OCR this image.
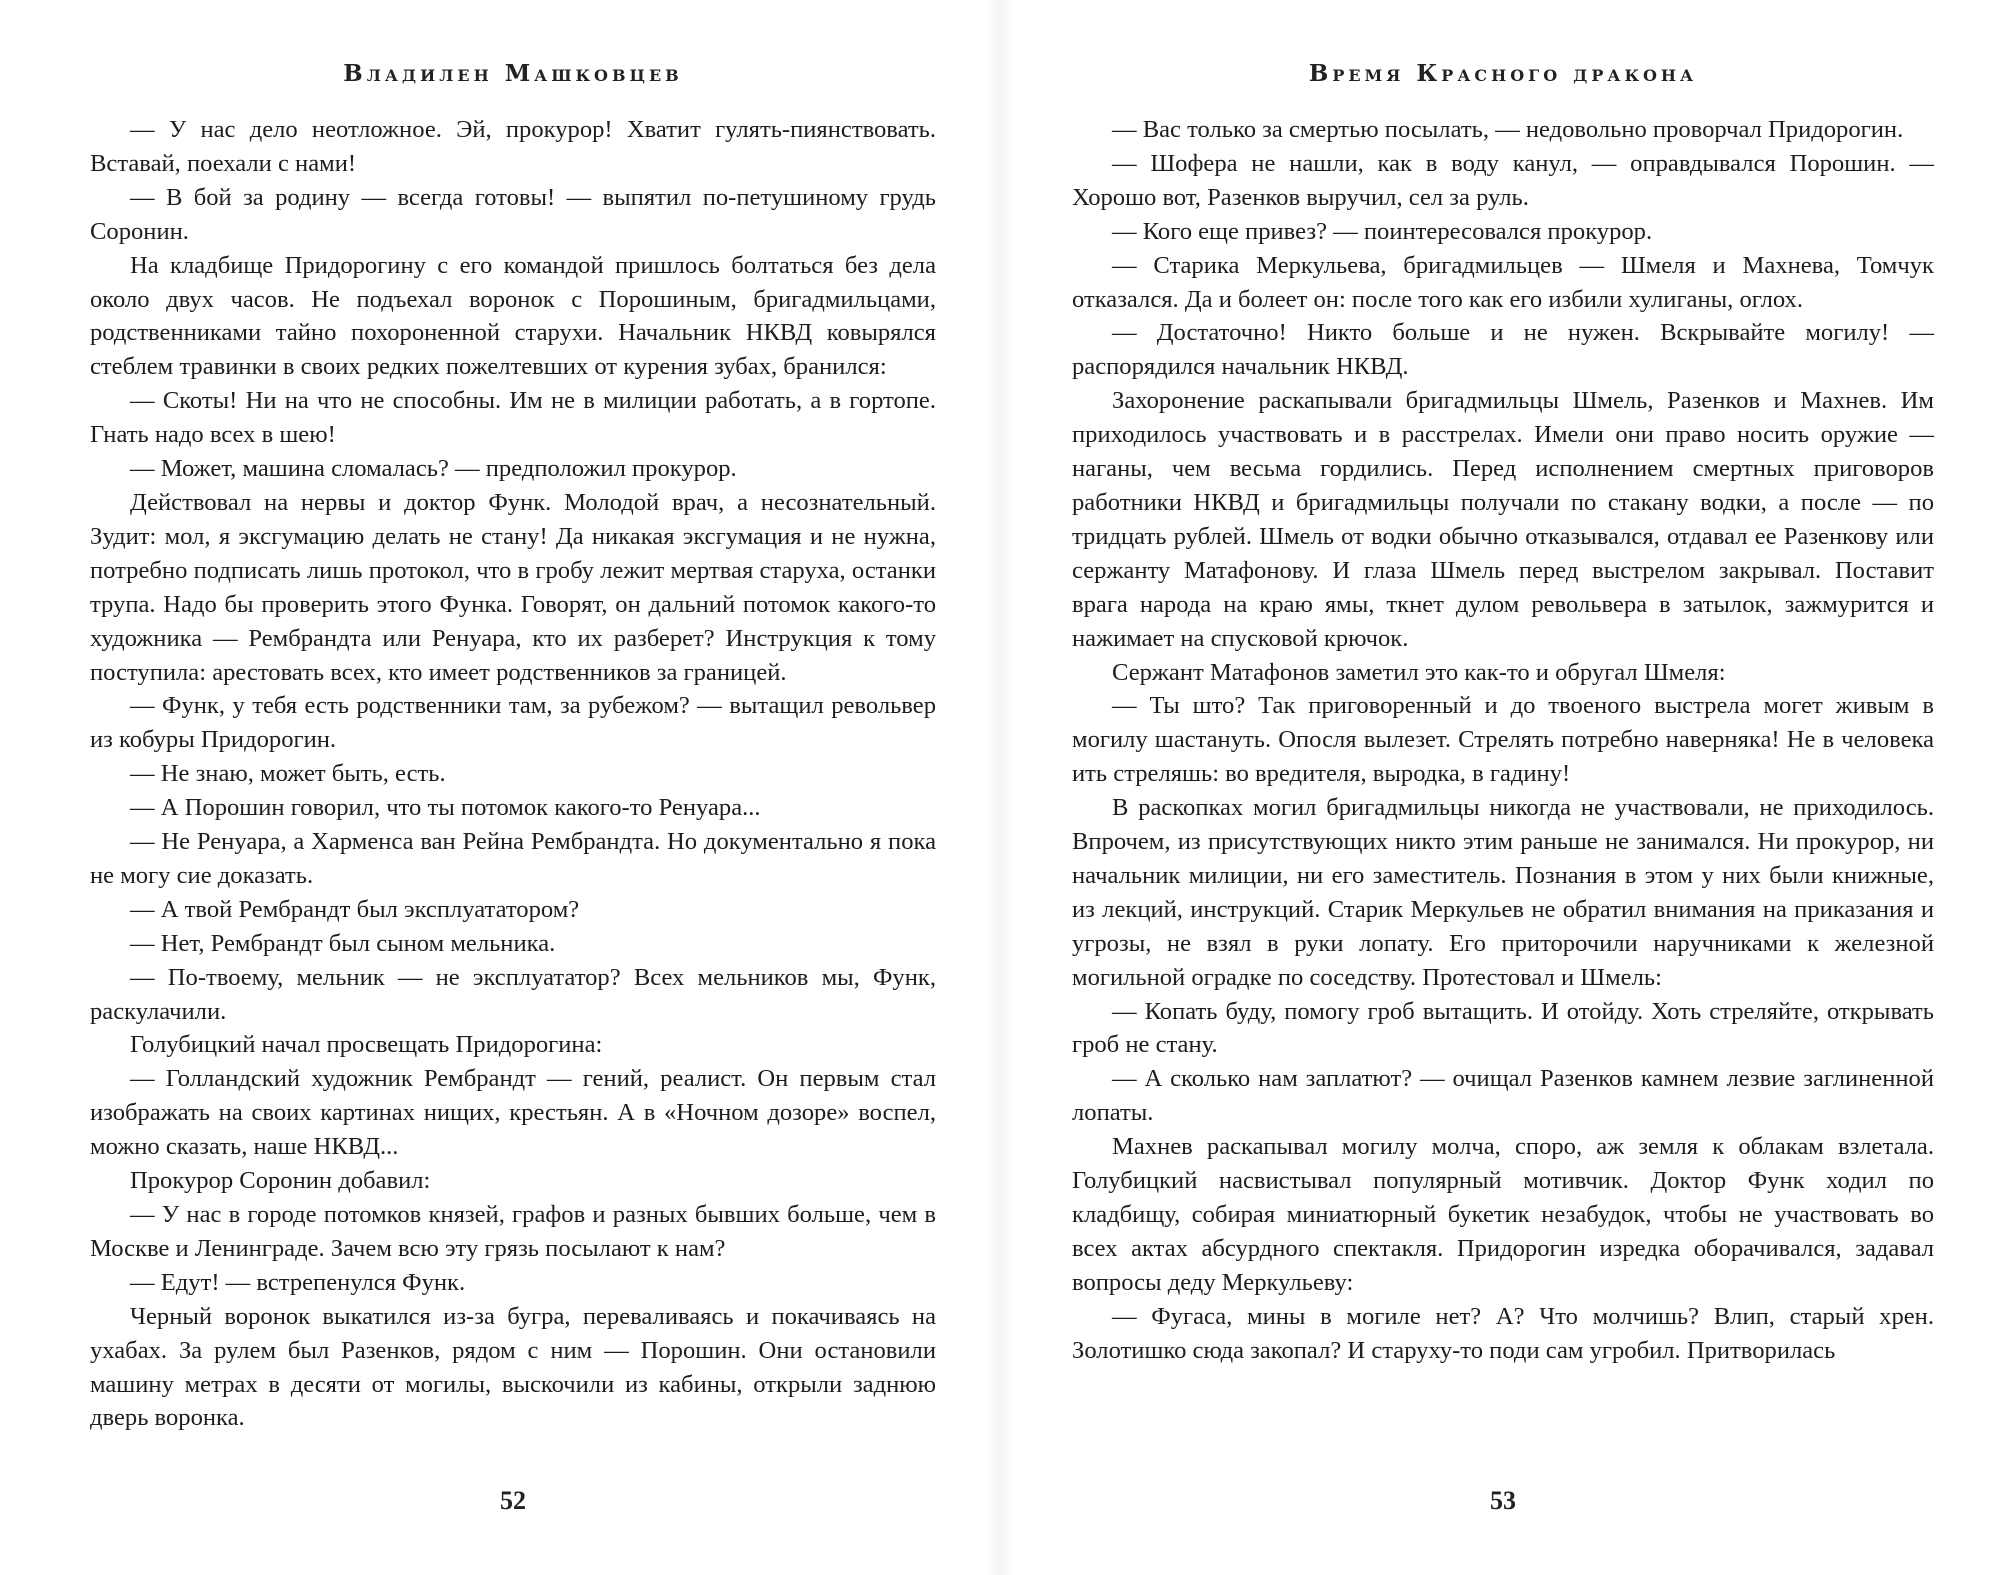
Владилен Машковцев

— У нас дело неотложное. Эй, прокурор! Хватит гулять-пиянствовать. Вставай, поехали с нами!

— В бой за родину — всегда готовы! — выпятил по-петушиному грудь Соронин.

На кладбище Придорогину с его командой пришлось болтаться без дела около двух часов. Не подъехал воронок с Порошиным, бригадмильцами, родственниками тайно похороненной старухи. Начальник НКВД ковырялся стеблем травинки в своих редких пожелтевших от курения зубах, бранился:

— Скоты! Ни на что не способны. Им не в милиции работать, а в гортопе. Гнать надо всех в шею!

— Может, машина сломалась? — предположил прокурор.

Действовал на нервы и доктор Функ. Молодой врач, а несознательный. Зудит: мол, я эксгумацию делать не стану! Да никакая эксгумация и не нужна, потребно подписать лишь протокол, что в гробу лежит мертвая старуха, останки трупа. Надо бы проверить этого Функа. Говорят, он дальний потомок какого-то художника — Рембрандта или Ренуара, кто их разберет? Инструкция к тому поступила: арестовать всех, кто имеет родственников за границей.

— Функ, у тебя есть родственники там, за рубежом? — вытащил револьвер из кобуры Придорогин.

— Не знаю, может быть, есть.

— А Порошин говорил, что ты потомок какого-то Ренуара...

— Не Ренуара, а Харменса ван Рейна Рембрандта. Но документально я пока не могу сие доказать.

— А твой Рембрандт был эксплуататором?

— Нет, Рембрандт был сыном мельника.

— По-твоему, мельник — не эксплуататор? Всех мельников мы, Функ, раскулачили.

Голубицкий начал просвещать Придорогина:

— Голландский художник Рембрандт — гений, реалист. Он первым стал изображать на своих картинах нищих, крестьян. А в «Ночном дозоре» воспел, можно сказать, наше НКВД...

Прокурор Соронин добавил:

— У нас в городе потомков князей, графов и разных бывших больше, чем в Москве и Ленинграде. Зачем всю эту грязь посылают к нам?

— Едут! — встрепенулся Функ.

Черный воронок выкатился из-за бугра, переваливаясь и покачиваясь на ухабах. За рулем был Разенков, рядом с ним — Порошин. Они остановили машину метрах в десяти от могилы, выскочили из кабины, открыли заднюю дверь воронка.

52
Время Красного дракона

— Вас только за смертью посылать, — недовольно проворчал Придорогин.

— Шофера не нашли, как в воду канул, — оправдывался Порошин. — Хорошо вот, Разенков выручил, сел за руль.

— Кого еще привез? — поинтересовался прокурор.

— Старика Меркульева, бригадмильцев — Шмеля и Махнева, Томчук отказался. Да и болеет он: после того как его избили хулиганы, оглох.

— Достаточно! Никто больше и не нужен. Вскрывайте могилу! — распорядился начальник НКВД.

Захоронение раскапывали бригадмильцы Шмель, Разенков и Махнев. Им приходилось участвовать и в расстрелах. Имели они право носить оружие — наганы, чем весьма гордились. Перед исполнением смертных приговоров работники НКВД и бригадмильцы получали по стакану водки, а после — по тридцать рублей. Шмель от водки обычно отказывался, отдавал ее Разенкову или сержанту Матафонову. И глаза Шмель перед выстрелом закрывал. Поставит врага народа на краю ямы, ткнет дулом револьвера в затылок, зажмурится и нажимает на спусковой крючок.

Сержант Матафонов заметил это как-то и обругал Шмеля:

— Ты што? Так приговоренный и до твоеного выстрела могет живым в могилу шастануть. Опосля вылезет. Стрелять потребно наверняка! Не в человека ить стреляшь: во вредителя, выродка, в гадину!

В раскопках могил бригадмильцы никогда не участвовали, не приходилось. Впрочем, из присутствующих никто этим раньше не занимался. Ни прокурор, ни начальник милиции, ни его заместитель. Познания в этом у них были книжные, из лекций, инструкций. Старик Меркульев не обратил внимания на приказания и угрозы, не взял в руки лопату. Его приторочили наручниками к железной могильной оградке по соседству. Протестовал и Шмель:

— Копать буду, помогу гроб вытащить. И отойду. Хоть стреляйте, открывать гроб не стану.

— А сколько нам заплатют? — очищал Разенков камнем лезвие заглиненной лопаты.

Махнев раскапывал могилу молча, споро, аж земля к облакам взлетала. Голубицкий насвистывал популярный мотивчик. Доктор Функ ходил по кладбищу, собирая миниатюрный букетик незабудок, чтобы не участвовать во всех актах абсурдного спектакля. Придорогин изредка оборачивался, задавал вопросы деду Меркульеву:

— Фугаса, мины в могиле нет? А? Что молчишь? Влип, старый хрен. Золотишко сюда закопал? И старуху-то поди сам угробил. Притворилась

53
